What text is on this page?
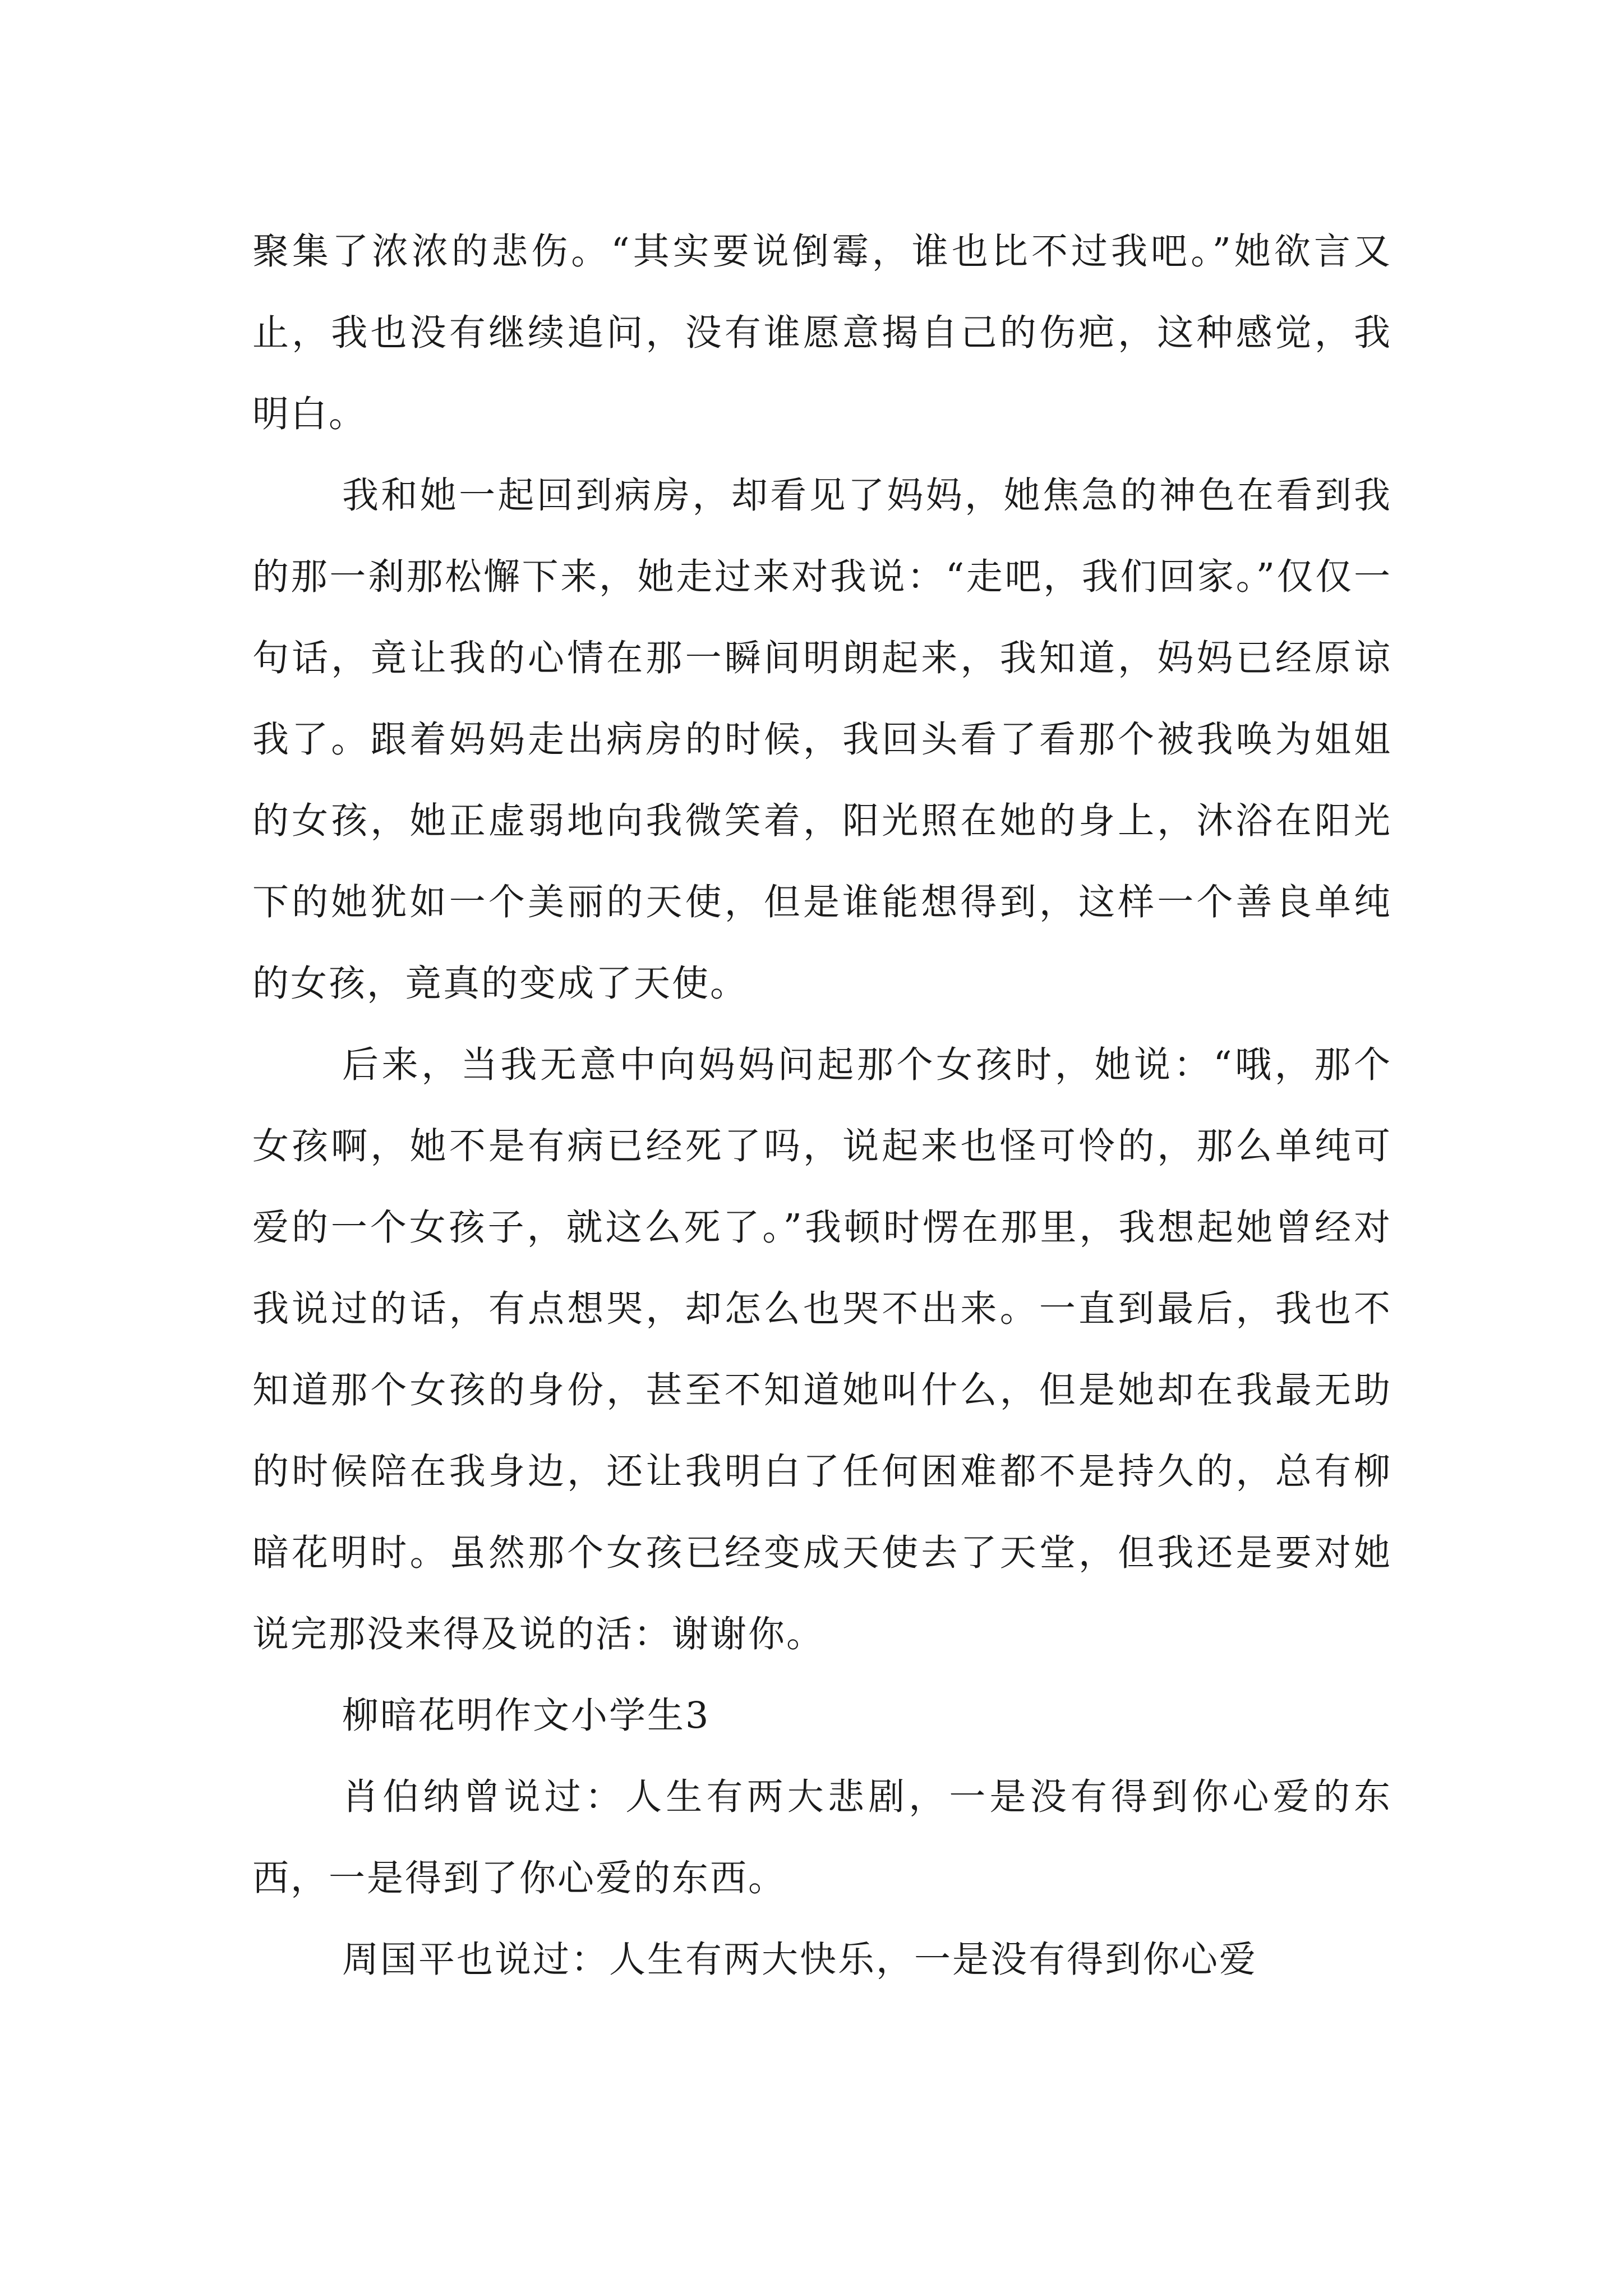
聚集了浓浓的悲伤。“其实要说倒霉，谁也比不过我吧。”她欲言又止，我也没有继续追问，没有谁愿意揭自己的伤疤，这种感觉，我明白。

我和她一起回到病房，却看见了妈妈，她焦急的神色在看到我的那一刹那松懈下来，她走过来对我说：“走吧，我们回家。”仅仅一句话，竟让我的心情在那一瞬间明朗起来，我知道，妈妈已经原谅我了。跟着妈妈走出病房的时候，我回头看了看那个被我唤为姐姐的女孩，她正虚弱地向我微笑着，阳光照在她的身上，沐浴在阳光下的她犹如一个美丽的天使，但是谁能想得到，这样一个善良单纯的女孩，竟真的变成了天使。

后来，当我无意中向妈妈问起那个女孩时，她说：“哦，那个女孩啊，她不是有病已经死了吗，说起来也怪可怜的，那么单纯可爱的一个女孩子，就这么死了。”我顿时愣在那里，我想起她曾经对我说过的话，有点想哭，却怎么也哭不出来。一直到最后，我也不知道那个女孩的身份，甚至不知道她叫什么，但是她却在我最无助的时候陪在我身边，还让我明白了任何困难都不是持久的，总有柳暗花明时。虽然那个女孩已经变成天使去了天堂，但我还是要对她说完那没来得及说的活：谢谢你。

柳暗花明作文小学生3

肖伯纳曾说过：人生有两大悲剧，一是没有得到你心爱的东西，一是得到了你心爱的东西。

周国平也说过：人生有两大快乐，一是没有得到你心爱
